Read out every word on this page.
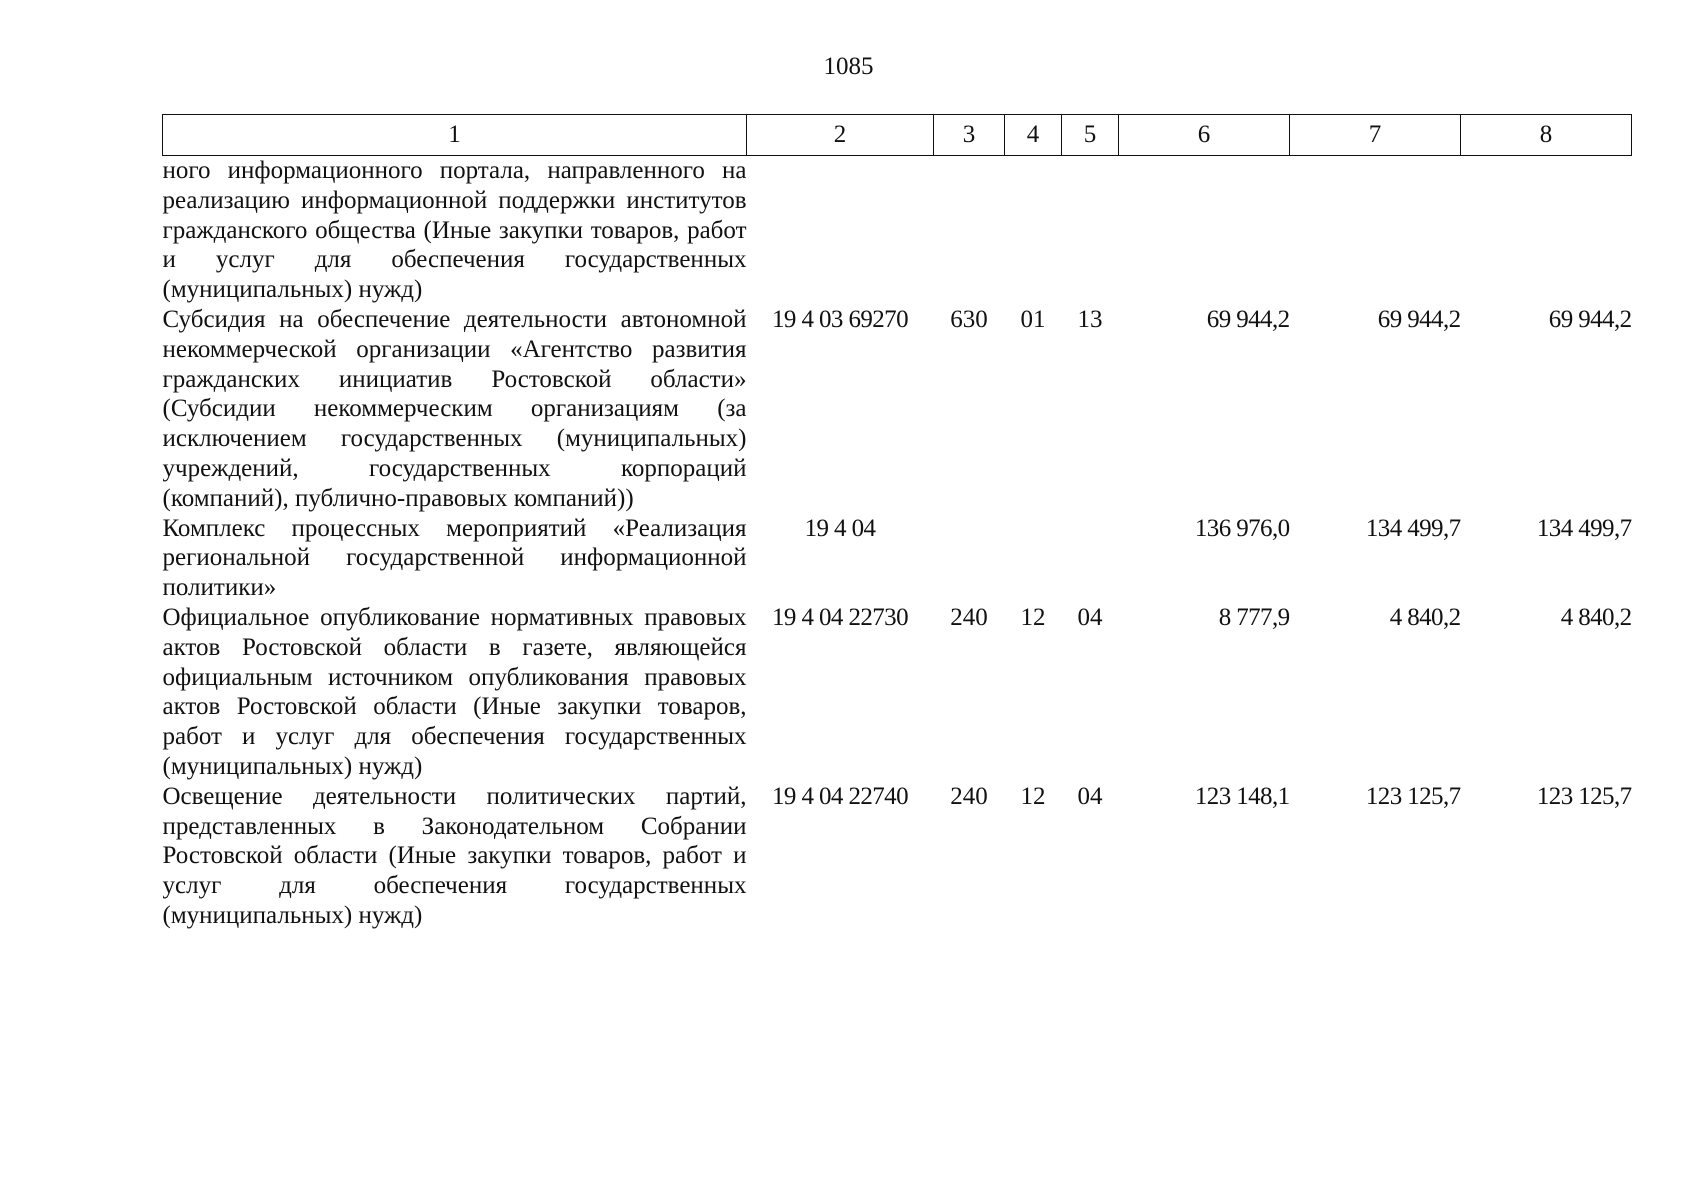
1085
1	2	3	4	5	6	7	8
ного информационного портала, направленного на реализацию информационной поддержки институтов гражданского общества (Иные закупки товаров, работ и услуг для обеспечения государственных (муниципальных) нужд)							
Субсидия на обеспечение деятельности автономной некоммерческой организации «Агентство развития гражданских инициатив Ростовской области» (Субсидии некоммерческим организациям (за исключением государственных (муниципальных) учреждений, государственных корпораций (компаний), публично-правовых компаний))	19 4 03 69270	630	01	13	69 944,2	69 944,2	69 944,2
Комплекс процессных мероприятий «Реализация региональной государственной информационной политики»	19 4 04				136 976,0	134 499,7	134 499,7
Официальное опубликование нормативных правовых актов Ростовской области в газете, являющейся официальным источником опубликования правовых актов Ростовской области (Иные закупки товаров, работ и услуг для обеспечения государственных (муниципальных) нужд)	19 4 04 22730	240	12	04	8 777,9	4 840,2	4 840,2
Освещение деятельности политических партий, представленных в Законодательном Собрании Ростовской области (Иные закупки товаров, работ и услуг для обеспечения государственных (муниципальных) нужд)	19 4 04 22740	240	12	04	123 148,1	123 125,7	123 125,7
